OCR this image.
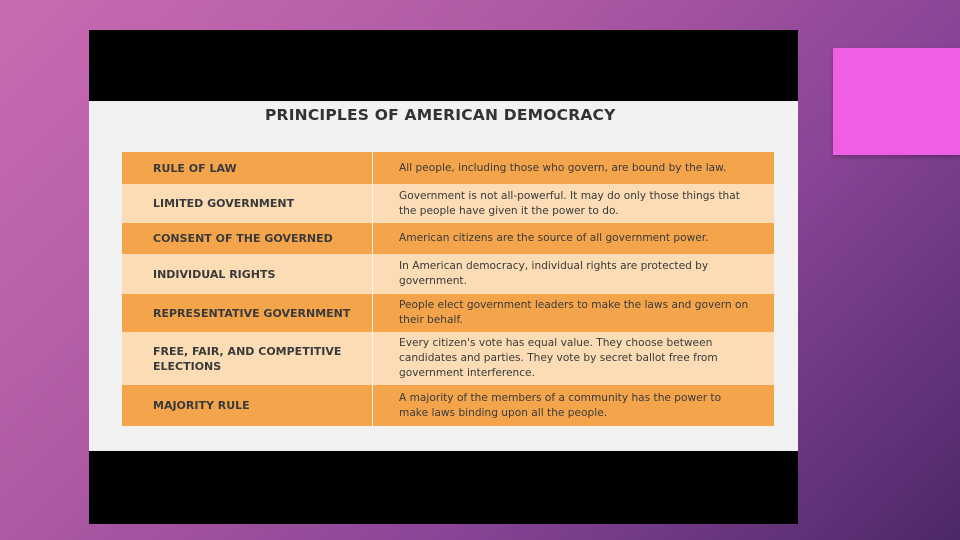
PRINCIPLES OF AMERICAN DEMOCRACY
RULE OF LAW	All people, including those who govern, are bound by the law.
LIMITED GOVERNMENT
Government is not all-powerful. It may do only those things that the people have given it the power to do.
CONSENT OF THE GOVERNED	American citizens are the source of all government power.
INDIVIDUAL RIGHTS
In American democracy, individual rights are protected by government.
REPRESENTATIVE GOVERNMENT
People elect government leaders to make the laws and govern on their behalf.
FREE, FAIR, AND COMPETITIVE ELECTIONS
Every citizen's vote has equal value. They choose between candidates and parties. They vote by secret ballot free from government interference.
MAJORITY RULE
A majority of the members of a community has the power to make laws binding upon all the people.
